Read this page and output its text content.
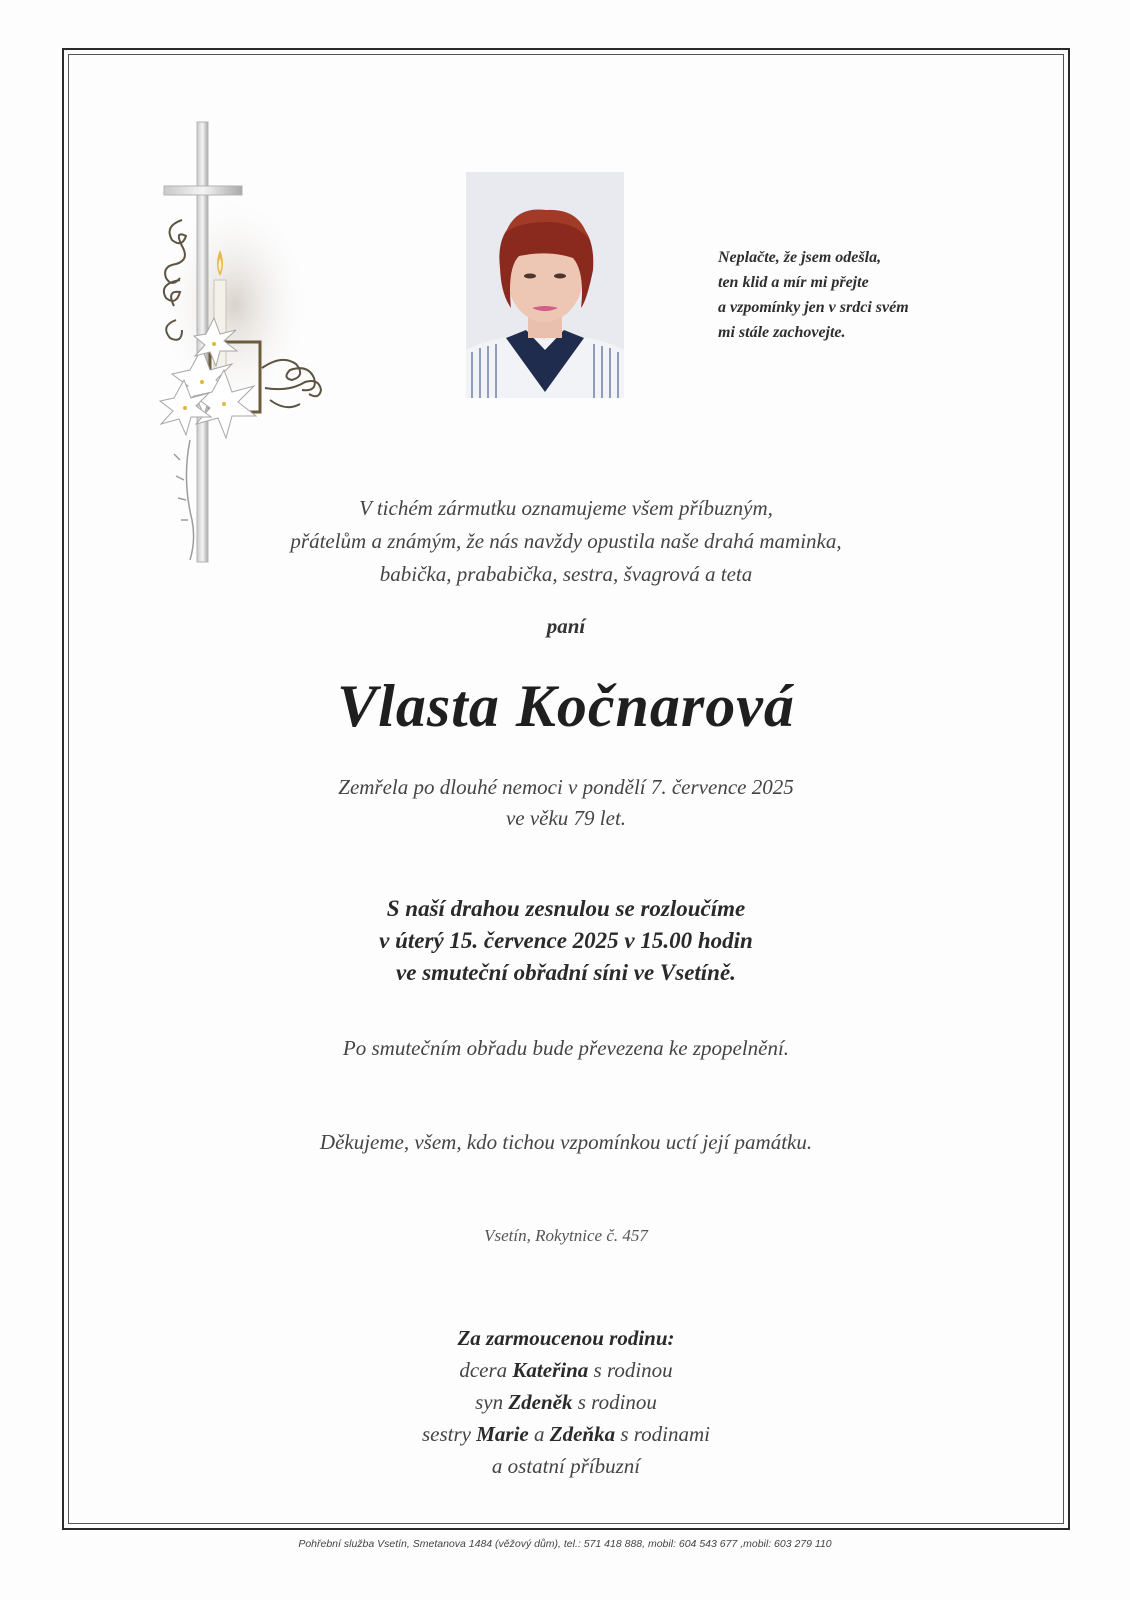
Neplačte, že jsem odešla,
ten klid a mír mi přejte
a vzpomínky jen v srdci svém
mi stále zachovejte.
V tichém zármutku oznamujeme všem příbuzným,
přátelům a známým, že nás navždy opustila naše drahá maminka,
babička, prababička, sestra, švagrová a teta
paní
Vlasta Kočnarová
Zemřela po dlouhé nemoci v pondělí 7. července 2025
ve věku 79 let.
S naší drahou zesnulou se rozloučíme
v úterý 15. července 2025 v 15.00 hodin
ve smuteční obřadní síni ve Vsetíně.
Po smutečním obřadu bude převezena ke zpopelnění.
Děkujeme, všem, kdo tichou vzpomínkou uctí její památku.
Vsetín, Rokytnice č. 457
Za zarmoucenou rodinu:
dcera Kateřina s rodinou
syn Zdeněk s rodinou
sestry Marie a Zdeňka s rodinami
a ostatní příbuzní
Pohřební služba Vsetín, Smetanova 1484 (věžový dům), tel.: 571 418 888, mobil: 604 543 677 ,mobil: 603 279 110
